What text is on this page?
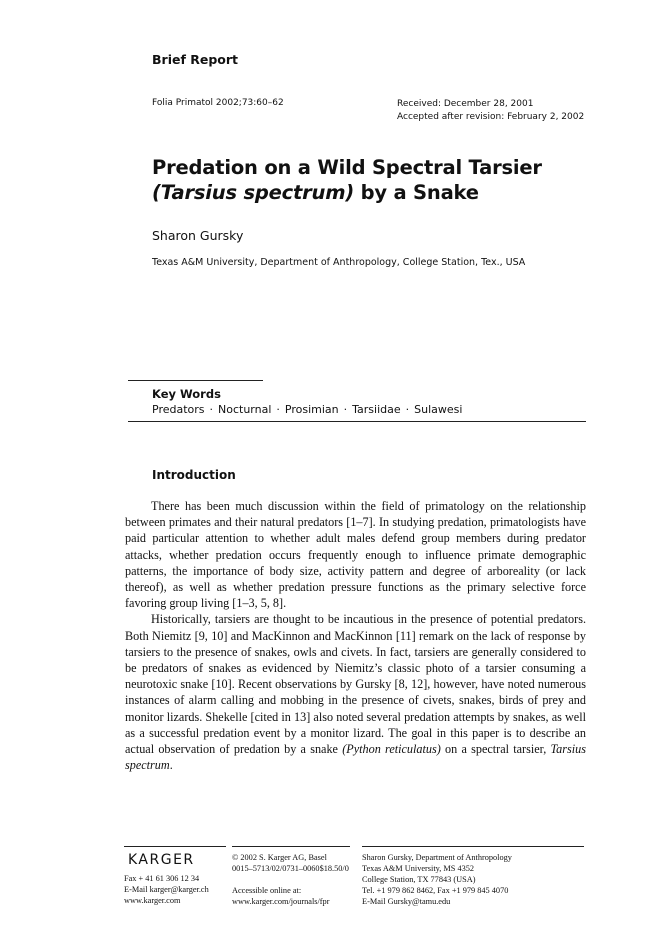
Brief Report
Folia Primatol 2002;73:60–62	Received: December 28, 2001
Accepted after revision: February 2, 2002
Predation on a Wild Spectral Tarsier
(Tarsius spectrum) by a Snake
Sharon Gursky
Texas A&M University, Department of Anthropology, College Station, Tex., USA
Key Words
Predators · Nocturnal · Prosimian · Tarsiidae · Sulawesi
Introduction

There has been much discussion within the field of primatology on the relationship between primates and their natural predators [1–7]. In studying predation, primatologists have paid particular attention to whether adult males defend group members during predator attacks, whether predation occurs frequently enough to influence primate demographic patterns, the importance of body size, activity pattern and degree of arboreality (or lack thereof), as well as whether predation pressure functions as the primary selective force favoring group living [1–3, 5, 8].

Historically, tarsiers are thought to be incautious in the presence of potential predators. Both Niemitz [9, 10] and MacKinnon and MacKinnon [11] remark on the lack of response by tarsiers to the presence of snakes, owls and civets. In fact, tarsiers are generally considered to be predators of snakes as evidenced by Niemitz’s classic photo of a tarsier consuming a neurotoxic snake [10]. Recent observations by Gursky [8, 12], however, have noted numerous instances of alarm calling and mobbing in the presence of civets, snakes, birds of prey and monitor lizards. Shekelle [cited in 13] also noted several predation attempts by snakes, as well as a successful predation event by a monitor lizard. The goal in this paper is to describe an actual observation of predation by a snake (Python reticulatus) on a spectral tarsier, Tarsius spectrum.

KARGER
Fax + 41 61 306 12 34
E-Mail karger@karger.ch
www.karger.com
© 2002 S. Karger AG, Basel
0015–5713/02/0731–0060$18.50/0

Accessible online at:
www.karger.com/journals/fpr
Sharon Gursky, Department of Anthropology
Texas A&M University, MS 4352
College Station, TX 77843 (USA)
Tel. +1 979 862 8462, Fax +1 979 845 4070
E-Mail Gursky@tamu.edu
